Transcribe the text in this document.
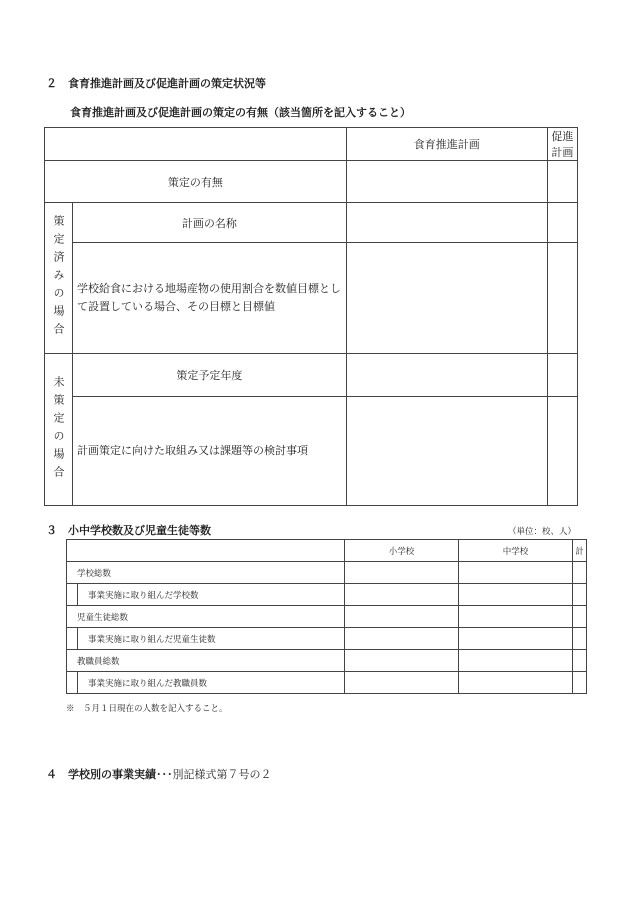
２　食育推進計画及び促進計画の策定状況等
食育推進計画及び促進計画の策定の有無（該当箇所を記入すること）
		食育推進計画	促進計画
策定の有無			

策定済みの場合	計画の名称		
	学校給食における地場産物の使用割合を数値目標として設置している場合、その目標と目標値		

未策定の場合	策定予定年度		
	計画策定に向けた取組み又は課題等の検討事項		
３　小中学校数及び児童生徒等数	（単位：校、人）
		小学校	中学校	計
学校総数				
	事業実施に取り組んだ学校数			
児童生徒総数				
	事業実施に取り組んだ児童生徒数			
教職員総数				
	事業実施に取り組んだ教職員数			
※　５月１日現在の人数を記入すること。
４　学校別の事業実績･･･別記様式第７号の２
